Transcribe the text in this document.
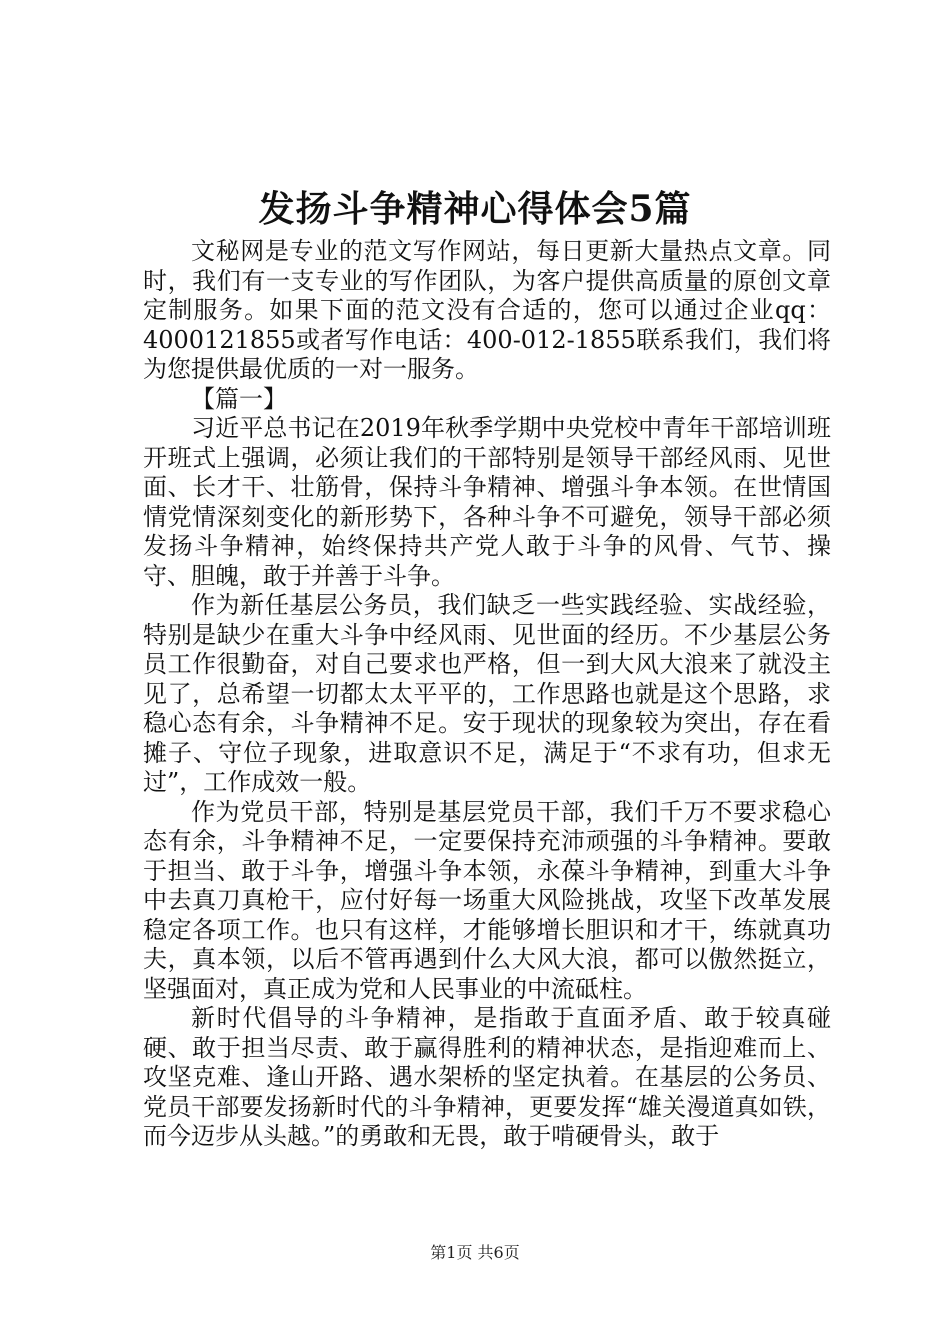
发扬斗争精神心得体会5篇

文秘网是专业的范文写作网站，每日更新大量热点文章。同时，我们有一支专业的写作团队，为客户提供高质量的原创文章定制服务。如果下面的范文没有合适的，您可以通过企业qq：4000121855或者写作电话：400-012-1855联系我们，我们将为您提供最优质的一对一服务。

【篇一】

习近平总书记在2019年秋季学期中央党校中青年干部培训班开班式上强调，必须让我们的干部特别是领导干部经风雨、见世面、长才干、壮筋骨，保持斗争精神、增强斗争本领。在世情国情党情深刻变化的新形势下，各种斗争不可避免，领导干部必须发扬斗争精神，始终保持共产党人敢于斗争的风骨、气节、操守、胆魄，敢于并善于斗争。

作为新任基层公务员，我们缺乏一些实践经验、实战经验，特别是缺少在重大斗争中经风雨、见世面的经历。不少基层公务员工作很勤奋，对自己要求也严格，但一到大风大浪来了就没主见了，总希望一切都太太平平的，工作思路也就是这个思路，求稳心态有余，斗争精神不足。安于现状的现象较为突出，存在看摊子、守位子现象，进取意识不足，满足于“不求有功，但求无过”，工作成效一般。

作为党员干部，特别是基层党员干部，我们千万不要求稳心态有余，斗争精神不足，一定要保持充沛顽强的斗争精神。要敢于担当、敢于斗争，增强斗争本领，永葆斗争精神，到重大斗争中去真刀真枪干，应付好每一场重大风险挑战，攻坚下改革发展稳定各项工作。也只有这样，才能够增长胆识和才干，练就真功夫，真本领，以后不管再遇到什么大风大浪，都可以傲然挺立，坚强面对，真正成为党和人民事业的中流砥柱。

新时代倡导的斗争精神，是指敢于直面矛盾、敢于较真碰硬、敢于担当尽责、敢于赢得胜利的精神状态，是指迎难而上、攻坚克难、逢山开路、遇水架桥的坚定执着。在基层的公务员、党员干部要发扬新时代的斗争精神，更要发挥“雄关漫道真如铁，而今迈步从头越。”的勇敢和无畏，敢于啃硬骨头，敢于

第1页 共6页
